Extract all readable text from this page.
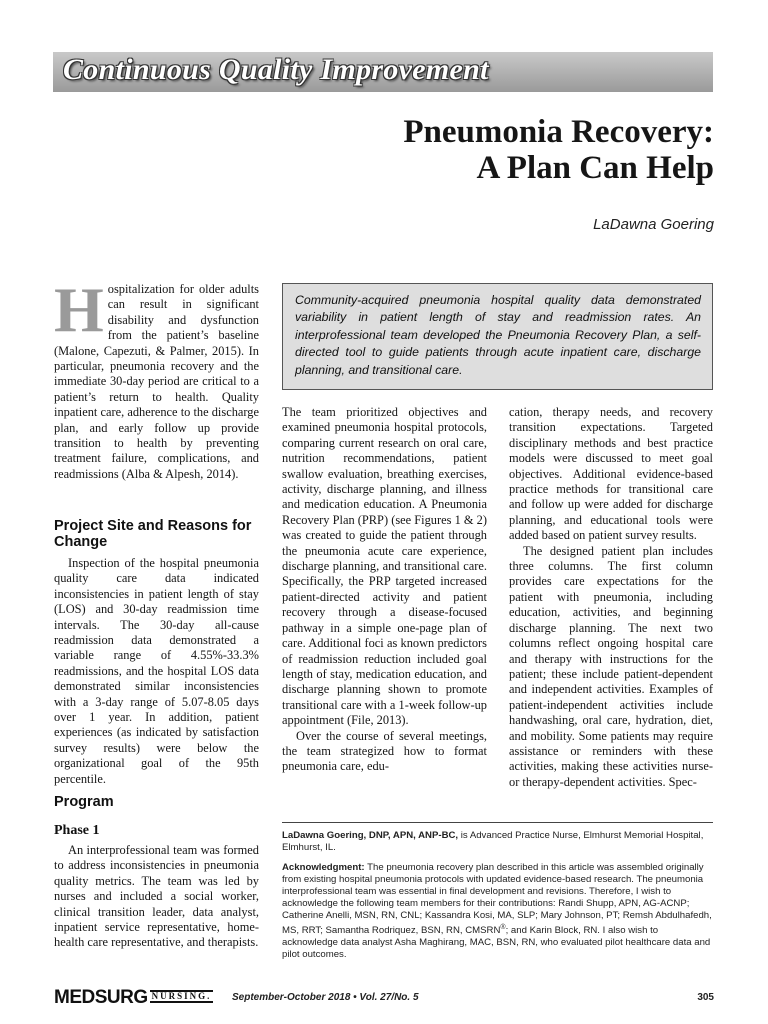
Continuous Quality Improvement
Pneumonia Recovery:
A Plan Can Help
LaDawna Goering
H ospitalization for older adults can result in significant disability and dysfunction from the patient’s baseline (Malone, Capezuti, & Palmer, 2015). In particular, pneumonia recovery and the immediate 30-day period are critical to a patient’s return to health. Quality inpatient care, adherence to the discharge plan, and early follow up provide transition to health by preventing treatment failure, complications, and readmissions (Alba & Alpesh, 2014).

Project Site and Reasons for Change

Inspection of the hospital pneumonia quality care data indicated inconsistencies in patient length of stay (LOS) and 30-day readmission time intervals. The 30-day all-cause readmission data demonstrated a variable range of 4.55%-33.3% readmissions, and the hospital LOS data demonstrated similar inconsistencies with a 3-day range of 5.07-8.05 days over 1 year. In addition, patient experiences (as indicated by satisfaction survey results) were below the organizational goal of the 95th percentile.

Program
Phase 1

An interprofessional team was formed to address inconsistencies in pneumonia quality metrics. The team was led by nurses and included a social worker, clinical transition leader, data analyst, inpatient service representative, home-health care representative, and therapists.

Community-acquired pneumonia hospital quality data demonstrated variability in patient length of stay and readmission rates. An interprofessional team developed the Pneumonia Recovery Plan, a self-directed tool to guide patients through acute inpatient care, discharge planning, and transitional care.

The team prioritized objectives and examined pneumonia hospital protocols, comparing current research on oral care, nutrition recommendations, patient swallow evaluation, breathing exercises, activity, discharge planning, and illness and medication education. A Pneumonia Recovery Plan (PRP) (see Figures 1 & 2) was created to guide the patient through the pneumonia acute care experience, discharge planning, and transitional care. Specifically, the PRP targeted increased patient-directed activity and patient recovery through a disease-focused pathway in a simple one-page plan of care. Additional foci as known predictors of readmission reduction included goal length of stay, medication education, and discharge planning shown to promote transitional care with a 1-week follow-up appointment (File, 2013).

Over the course of several meetings, the team strategized how to format pneumonia care, edu-

cation, therapy needs, and recovery transition expectations. Targeted disciplinary methods and best practice models were discussed to meet goal objectives. Additional evidence-based practice methods for transitional care and follow up were added for discharge planning, and educational tools were added based on patient survey results.

The designed patient plan includes three columns. The first column provides care expectations for the patient with pneumonia, including education, activities, and beginning discharge planning. The next two columns reflect ongoing hospital care and therapy with instructions for the patient; these include patient-dependent and independent activities. Examples of patient-independent activities include handwashing, oral care, hydration, diet, and mobility. Some patients may require assistance or reminders with these activities, making these activities nurse- or therapy-dependent activities. Spec-

LaDawna Goering, DNP, APN, ANP-BC, is Advanced Practice Nurse, Elmhurst Memorial Hospital, Elmhurst, IL.
Acknowledgment: The pneumonia recovery plan described in this article was assembled originally from existing hospital pneumonia protocols with updated evidence-based research. The pneumonia interprofessional team was essential in final development and revisions. Therefore, I wish to acknowledge the following team members for their contributions: Randi Shupp, APN, AG-ACNP; Catherine Anelli, MSN, RN, CNL; Kassandra Kosi, MA, SLP; Mary Johnson, PT; Remsh Abdulhafedh, MS, RRT; Samantha Rodriquez, BSN, RN, CMSRN®; and Karin Block, RN. I also wish to acknowledge data analyst Asha Maghirang, MAC, BSN, RN, who evaluated pilot healthcare data and pilot outcomes.
MEDSURG NURSING. September-October 2018 • Vol. 27/No. 5	305
